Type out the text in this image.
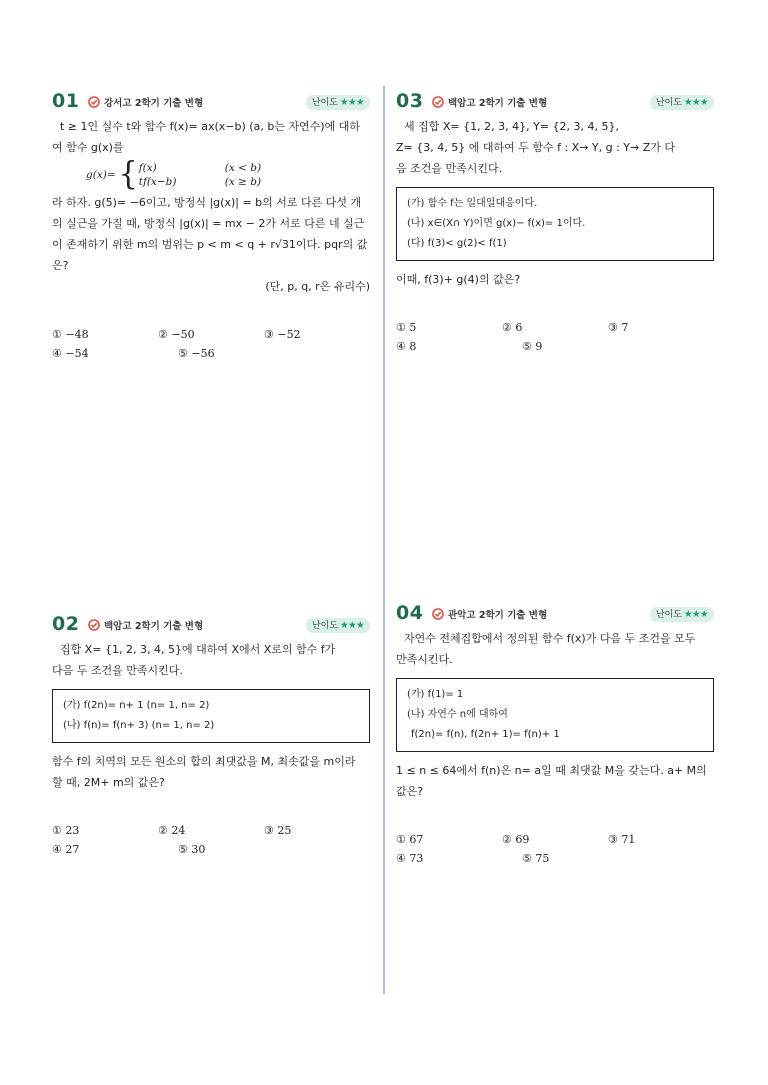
01	강서고 2학기 기출 변형	난이도 ★★★

t ≥ 1인 실수 t와 함수 f(x)= ax(x−b) (a, b는 자연수)에 대하

여 함수 g(x)를

g(x)= { f(x)	(x < b)
tf(x−b)	(x ≥ b)

라 하자. g(5)= −6이고, 방정식 |g(x)| = b의 서로 다른 다섯 개

의 실근을 가질 때, 방정식 |g(x)| = mx − 2가 서로 다른 네 실근

이 존재하기 위한 m의 범위는 p < m < q + r√31이다. pqr의 값

은?

(단, p, q, r은 유리수)

① −48	② −50	③ −52
④ −54	⑤ −56
03	백암고 2학기 기출 변형	난이도 ★★★

세 집합 X= {1, 2, 3, 4}, Y= {2, 3, 4, 5},

Z= {3, 4, 5} 에 대하여 두 함수 f : X→ Y, g : Y→ Z가 다

음 조건을 만족시킨다.

(가) 함수 f는 일대일대응이다.
(나) x∈(X∩ Y)이면 g(x)− f(x)= 1이다.
(다) f(3)< g(2)< f(1)

이때, f(3)+ g(4)의 값은?

① 5	② 6	③ 7
④ 8	⑤ 9
02	백암고 2학기 기출 변형	난이도 ★★★

집합 X= {1, 2, 3, 4, 5}에 대하여 X에서 X로의 함수 f가

다음 두 조건을 만족시킨다.

(가) f(2n)= n+ 1 (n= 1, n= 2)
(나) f(n)= f(n+ 3) (n= 1, n= 2)

함수 f의 치역의 모든 원소의 합의 최댓값을 M, 최솟값을 m이라

할 때, 2M+ m의 값은?

① 23	② 24	③ 25
④ 27	⑤ 30
04	관악고 2학기 기출 변형	난이도 ★★★

자연수 전체집합에서 정의된 함수 f(x)가 다음 두 조건을 모두

만족시킨다.

(가) f(1)= 1
(나) 자연수 n에 대하여
f(2n)= f(n), f(2n+ 1)= f(n)+ 1

1 ≤ n ≤ 64에서 f(n)은 n= a일 때 최댓값 M을 갖는다. a+ M의

값은?

① 67	② 69	③ 71
④ 73	⑤ 75
